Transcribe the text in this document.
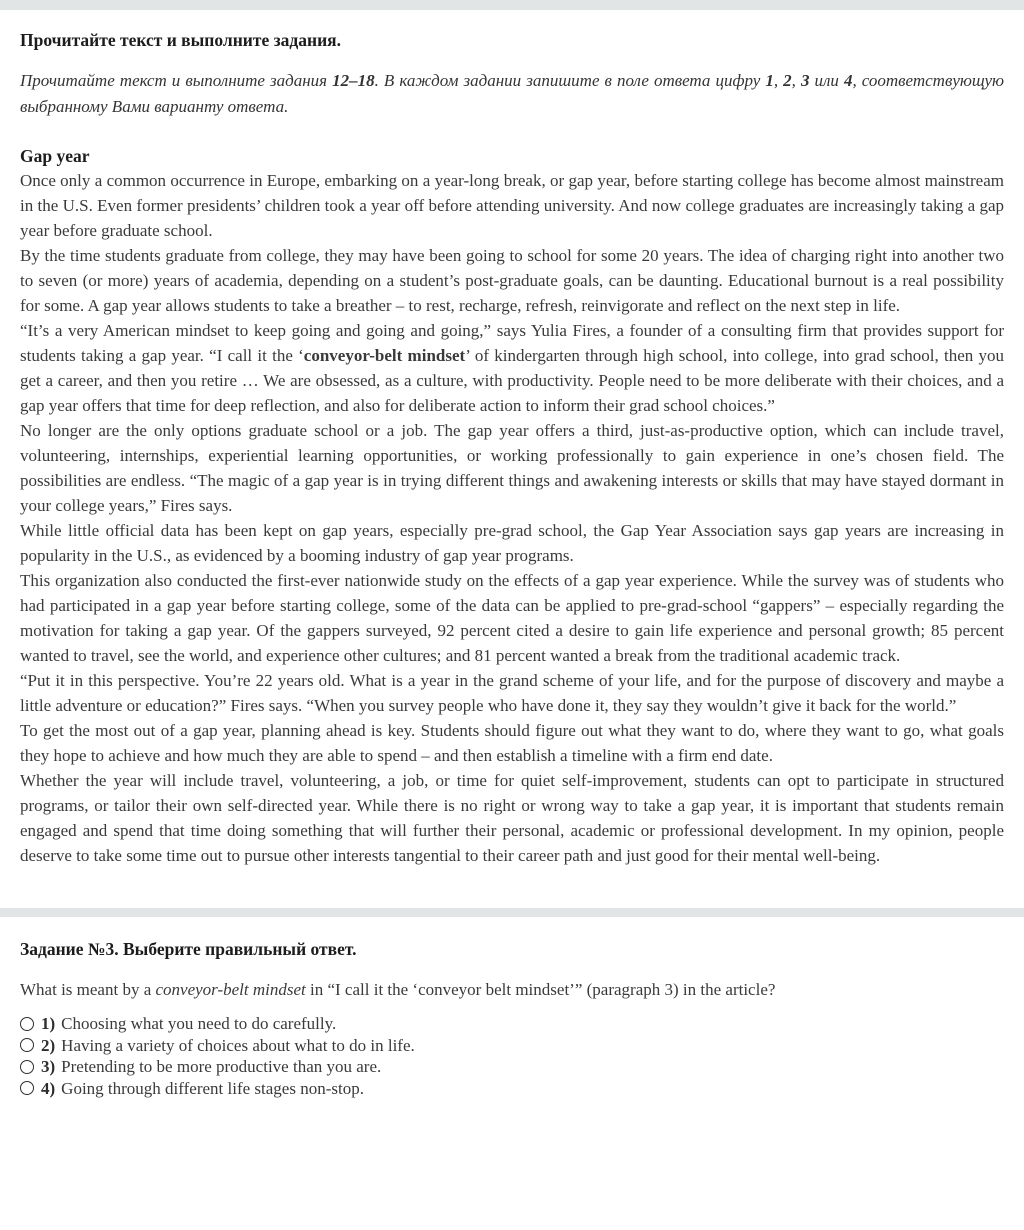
Прочитайте текст и выполните задания.

Прочитайте текст и выполните задания 12–18. В каждом задании запишите в поле ответа цифру 1, 2, 3 или 4, соответствующую выбранному Вами варианту ответа.

Gap year

Once only a common occurrence in Europe, embarking on a year-long break, or gap year, before starting college has become almost mainstream in the U.S. Even former presidents’ children took a year off before attending university. And now college graduates are increasingly taking a gap year before graduate school.

By the time students graduate from college, they may have been going to school for some 20 years. The idea of charging right into another two to seven (or more) years of academia, depending on a student’s post-graduate goals, can be daunting. Educational burnout is a real possibility for some. A gap year allows students to take a breather – to rest, recharge, refresh, reinvigorate and reflect on the next step in life.

“It’s a very American mindset to keep going and going and going,” says Yulia Fires, a founder of a consulting firm that provides support for students taking a gap year. “I call it the ‘conveyor-belt mindset’ of kindergarten through high school, into college, into grad school, then you get a career, and then you retire … We are obsessed, as a culture, with productivity. People need to be more deliberate with their choices, and a gap year offers that time for deep reflection, and also for deliberate action to inform their grad school choices.”

No longer are the only options graduate school or a job. The gap year offers a third, just-as-productive option, which can include travel, volunteering, internships, experiential learning opportunities, or working professionally to gain experience in one’s chosen field. The possibilities are endless. “The magic of a gap year is in trying different things and awakening interests or skills that may have stayed dormant in your college years,” Fires says.

While little official data has been kept on gap years, especially pre-grad school, the Gap Year Association says gap years are increasing in popularity in the U.S., as evidenced by a booming industry of gap year programs.

This organization also conducted the first-ever nationwide study on the effects of a gap year experience. While the survey was of students who had participated in a gap year before starting college, some of the data can be applied to pre-grad-school “gappers” – especially regarding the motivation for taking a gap year. Of the gappers surveyed, 92 percent cited a desire to gain life experience and personal growth; 85 percent wanted to travel, see the world, and experience other cultures; and 81 percent wanted a break from the traditional academic track.

“Put it in this perspective. You’re 22 years old. What is a year in the grand scheme of your life, and for the purpose of discovery and maybe a little adventure or education?” Fires says. “When you survey people who have done it, they say they wouldn’t give it back for the world.”

To get the most out of a gap year, planning ahead is key. Students should figure out what they want to do, where they want to go, what goals they hope to achieve and how much they are able to spend – and then establish a timeline with a firm end date.

Whether the year will include travel, volunteering, a job, or time for quiet self-improvement, students can opt to participate in structured programs, or tailor their own self-directed year. While there is no right or wrong way to take a gap year, it is important that students remain engaged and spend that time doing something that will further their personal, academic or professional development. In my opinion, people deserve to take some time out to pursue other interests tangential to their career path and just good for their mental well-being.

Задание №3. Выберите правильный ответ.

What is meant by a conveyor-belt mindset in “I call it the ‘conveyor belt mindset’” (paragraph 3) in the article?

1) Choosing what you need to do carefully.
2) Having a variety of choices about what to do in life.
3) Pretending to be more productive than you are.
4) Going through different life stages non-stop.
